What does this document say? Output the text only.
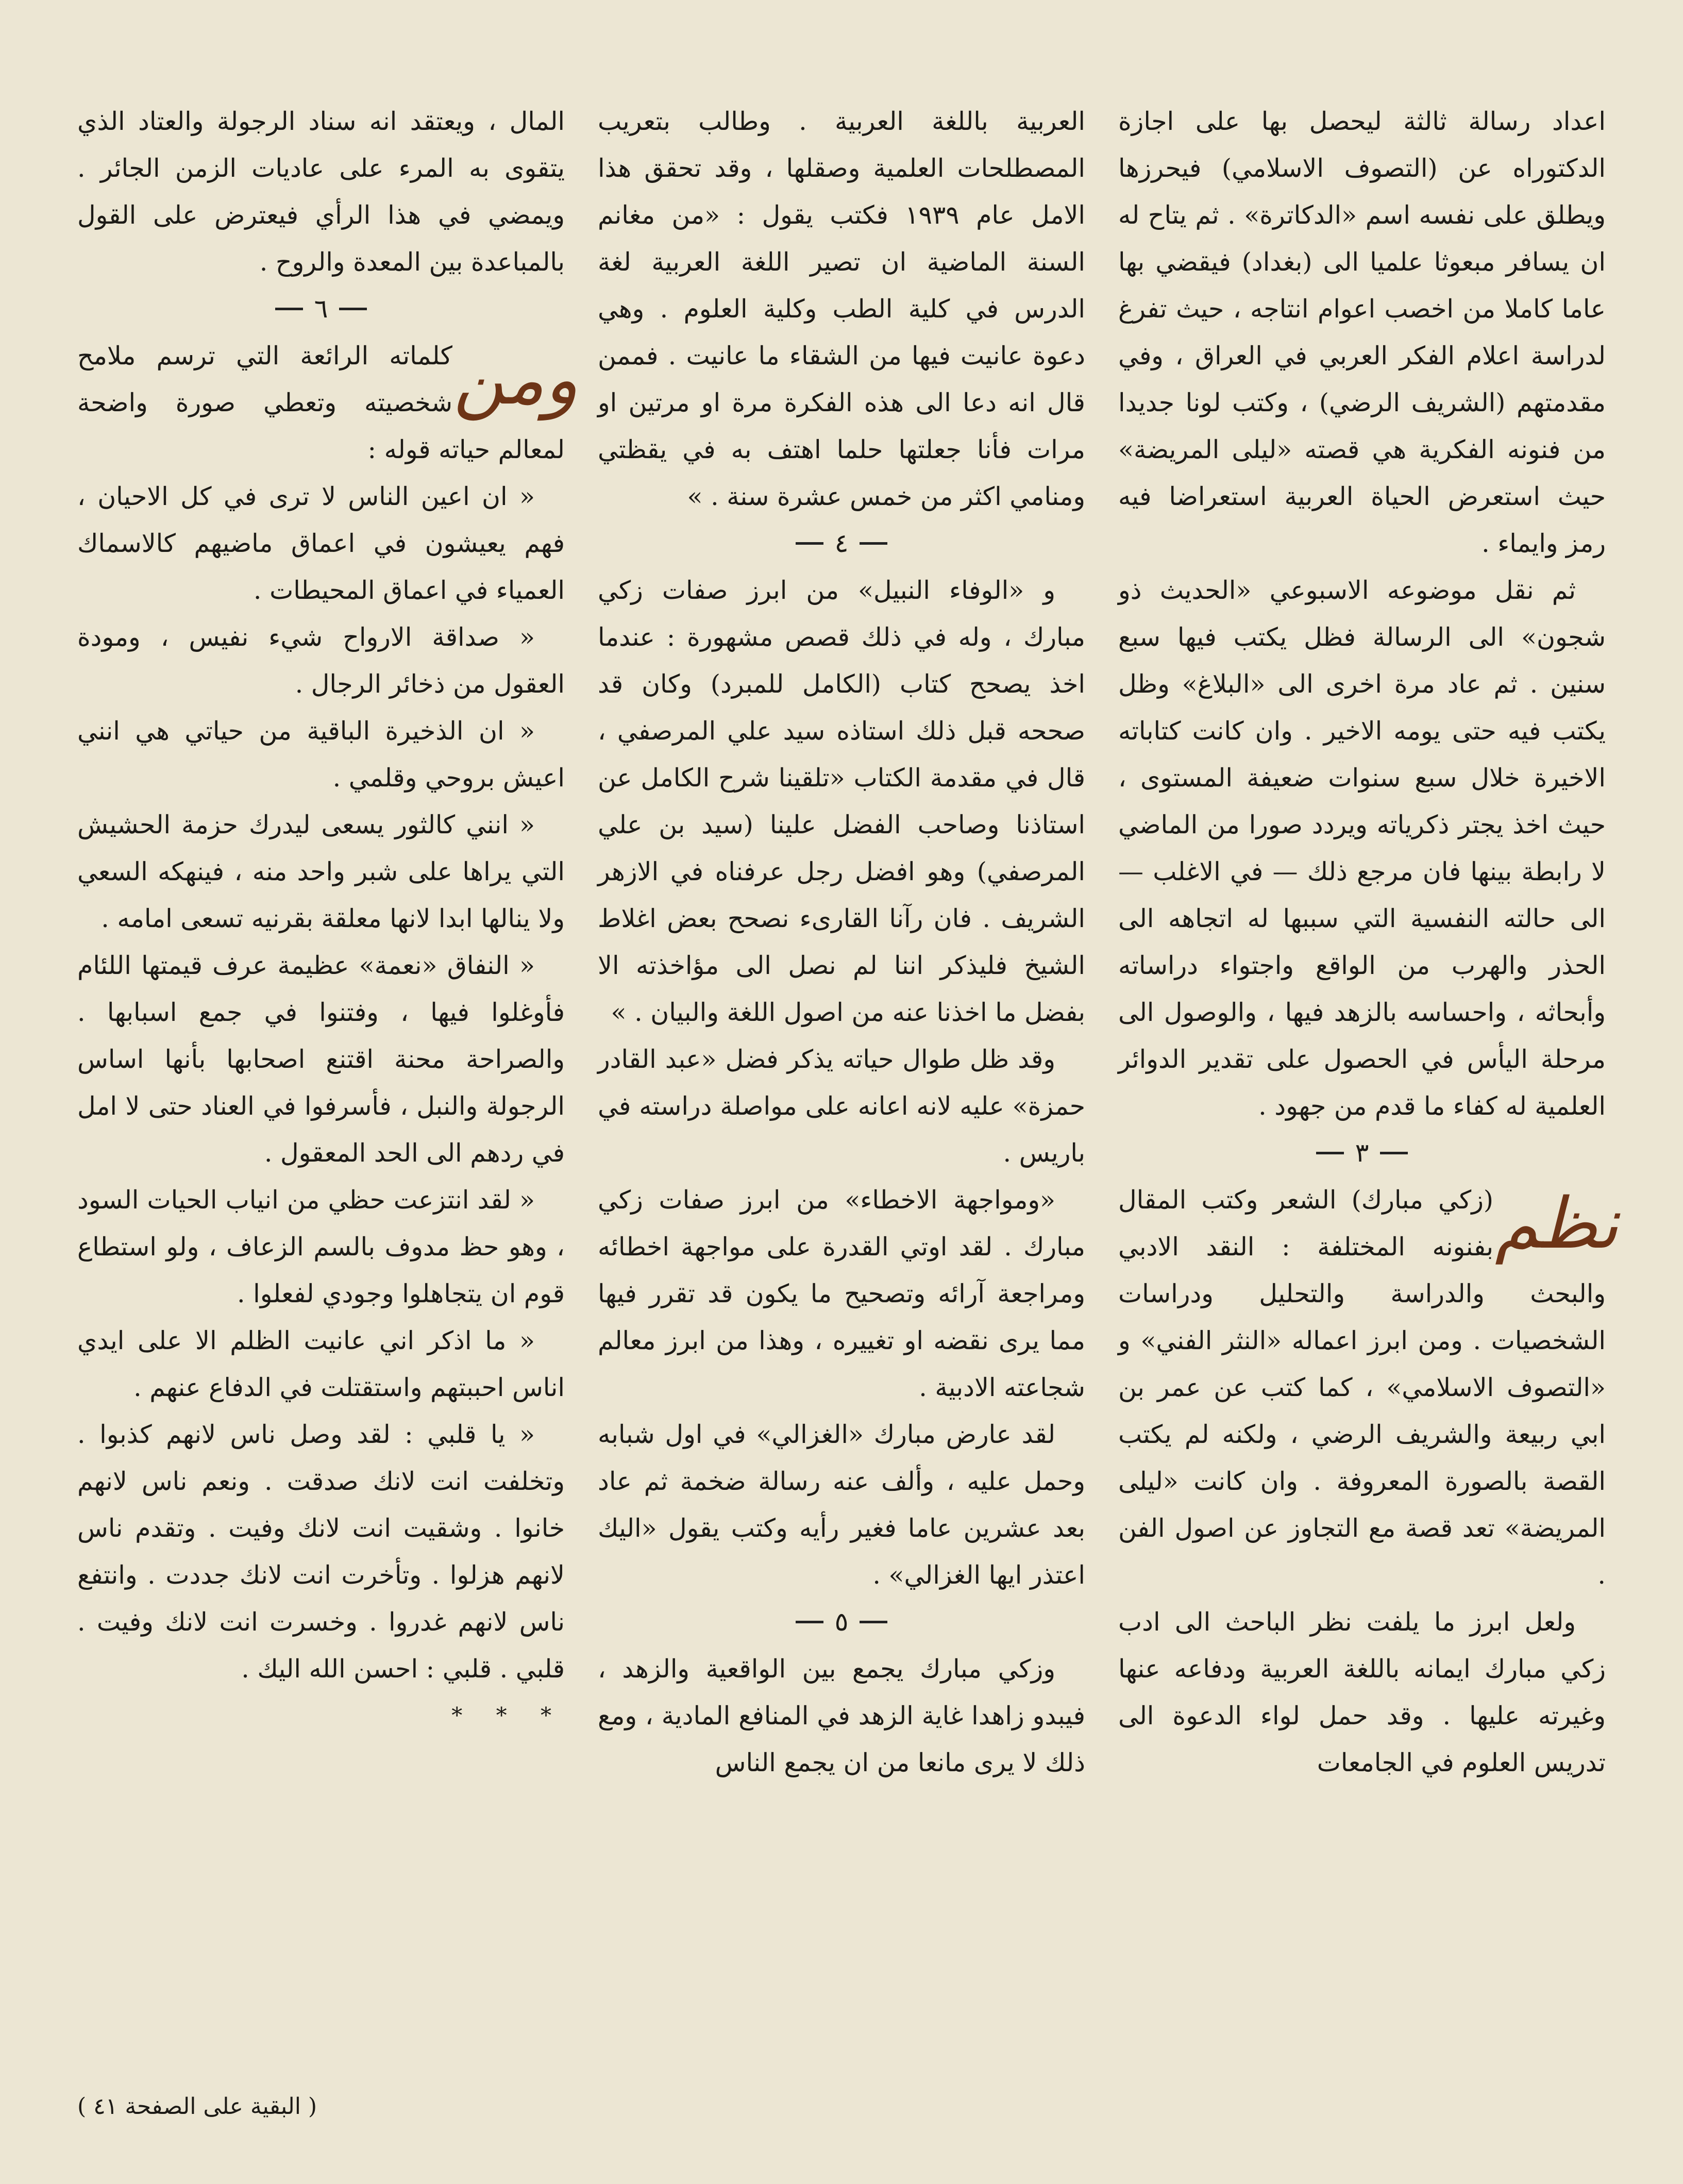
اعداد رسالة ثالثة ليحصل بها على اجازة الدكتوراه عن (التصوف الاسلامي) فيحرزها ويطلق على نفسه اسم «الدكاترة» . ثم يتاح له ان يسافر مبعوثا علميا الى (بغداد) فيقضي بها عاما كاملا من اخصب اعوام انتاجه ، حيث تفرغ لدراسة اعلام الفكر العربي في العراق ، وفي مقدمتهم (الشريف الرضي) ، وكتب لونا جديدا من فنونه الفكرية هي قصته «ليلى المريضة» حيث استعرض الحياة العربية استعراضا فيه رمز وايماء .

ثم نقل موضوعه الاسبوعي «الحديث ذو شجون» الى الرسالة فظل يكتب فيها سبع سنين . ثم عاد مرة اخرى الى «البلاغ» وظل يكتب فيه حتى يومه الاخير . وان كانت كتاباته الاخيرة خلال سبع سنوات ضعيفة المستوى ، حيث اخذ يجتر ذكرياته ويردد صورا من الماضي لا رابطة بينها فان مرجع ذلك — في الاغلب — الى حالته النفسية التي سببها له اتجاهه الى الحذر والهرب من الواقع واجتواء دراساته وأبحاثه ، واحساسه بالزهد فيها ، والوصول الى مرحلة اليأس في الحصول على تقدير الدوائر العلمية له كفاء ما قدم من جهود .

٣

نظم
(زكي مبارك) الشعر وكتب المقال بفنونه المختلفة : النقد الادبي والبحث والدراسة والتحليل ودراسات الشخصيات . ومن ابرز اعماله «النثر الفني» و «التصوف الاسلامي» ، كما كتب عن عمر بن ابي ربيعة والشريف الرضي ، ولكنه لم يكتب القصة بالصورة المعروفة . وان كانت «ليلى المريضة» تعد قصة مع التجاوز عن اصول الفن .

ولعل ابرز ما يلفت نظر الباحث الى ادب زكي مبارك ايمانه باللغة العربية ودفاعه عنها وغيرته عليها . وقد حمل لواء الدعوة الى تدريس العلوم في الجامعات

العربية باللغة العربية . وطالب بتعريب المصطلحات العلمية وصقلها ، وقد تحقق هذا الامل عام ١٩٣٩ فكتب يقول : «من مغانم السنة الماضية ان تصير اللغة العربية لغة الدرس في كلية الطب وكلية العلوم . وهي دعوة عانيت فيها من الشقاء ما عانيت . فممن قال انه دعا الى هذه الفكرة مرة او مرتين او مرات فأنا جعلتها حلما اهتف به في يقظتي ومنامي اكثر من خمس عشرة سنة . »

٤

و «الوفاء النبيل» من ابرز صفات زكي مبارك ، وله في ذلك قصص مشهورة : عندما اخذ يصحح كتاب (الكامل للمبرد) وكان قد صححه قبل ذلك استاذه سيد علي المرصفي ، قال في مقدمة الكتاب «تلقينا شرح الكامل عن استاذنا وصاحب الفضل علينا (سيد بن علي المرصفي) وهو افضل رجل عرفناه في الازهر الشريف . فان رآنا القارىء نصحح بعض اغلاط الشيخ فليذكر اننا لم نصل الى مؤاخذته الا بفضل ما اخذنا عنه من اصول اللغة والبيان . »

وقد ظل طوال حياته يذكر فضل «عبد القادر حمزة» عليه لانه اعانه على مواصلة دراسته في باريس .

«ومواجهة الاخطاء» من ابرز صفات زكي مبارك . لقد اوتي القدرة على مواجهة اخطائه ومراجعة آرائه وتصحيح ما يكون قد تقرر فيها مما يرى نقضه او تغييره ، وهذا من ابرز معالم شجاعته الادبية .

لقد عارض مبارك «الغزالي» في اول شبابه وحمل عليه ، وألف عنه رسالة ضخمة ثم عاد بعد عشرين عاما فغير رأيه وكتب يقول «اليك اعتذر ايها الغزالي» .

٥

وزكي مبارك يجمع بين الواقعية والزهد ، فيبدو زاهدا غاية الزهد في المنافع المادية ، ومع ذلك لا يرى مانعا من ان يجمع الناس

المال ، ويعتقد انه سناد الرجولة والعتاد الذي يتقوى به المرء على عاديات الزمن الجائر . ويمضي في هذا الرأي فيعترض على القول بالمباعدة بين المعدة والروح .

٦

ومن
كلماته الرائعة التي ترسم ملامح شخصيته وتعطي صورة واضحة لمعالم حياته قوله :

« ان اعين الناس لا ترى في كل الاحيان ، فهم يعيشون في اعماق ماضيهم كالاسماك العمياء في اعماق المحيطات .

« صداقة الارواح شيء نفيس ، ومودة العقول من ذخائر الرجال .

« ان الذخيرة الباقية من حياتي هي انني اعيش بروحي وقلمي .

« انني كالثور يسعى ليدرك حزمة الحشيش التي يراها على شبر واحد منه ، فينهكه السعي ولا ينالها ابدا لانها معلقة بقرنيه تسعى امامه .

« النفاق «نعمة» عظيمة عرف قيمتها اللئام فأوغلوا فيها ، وفتنوا في جمع اسبابها . والصراحة محنة اقتنع اصحابها بأنها اساس الرجولة والنبل ، فأسرفوا في العناد حتى لا امل في ردهم الى الحد المعقول .

« لقد انتزعت حظي من انياب الحيات السود ، وهو حظ مدوف بالسم الزعاف ، ولو استطاع قوم ان يتجاهلوا وجودي لفعلوا .

« ما اذكر اني عانيت الظلم الا على ايدي اناس احببتهم واستقتلت في الدفاع عنهم .

« يا قلبي : لقد وصل ناس لانهم كذبوا . وتخلفت انت لانك صدقت . ونعم ناس لانهم خانوا . وشقيت انت لانك وفيت . وتقدم ناس لانهم هزلوا . وتأخرت انت لانك جددت . وانتفع ناس لانهم غدروا . وخسرت انت لانك وفيت . قلبي . قلبي : احسن الله اليك .

* * *
( البقية على الصفحة ٤١ )
